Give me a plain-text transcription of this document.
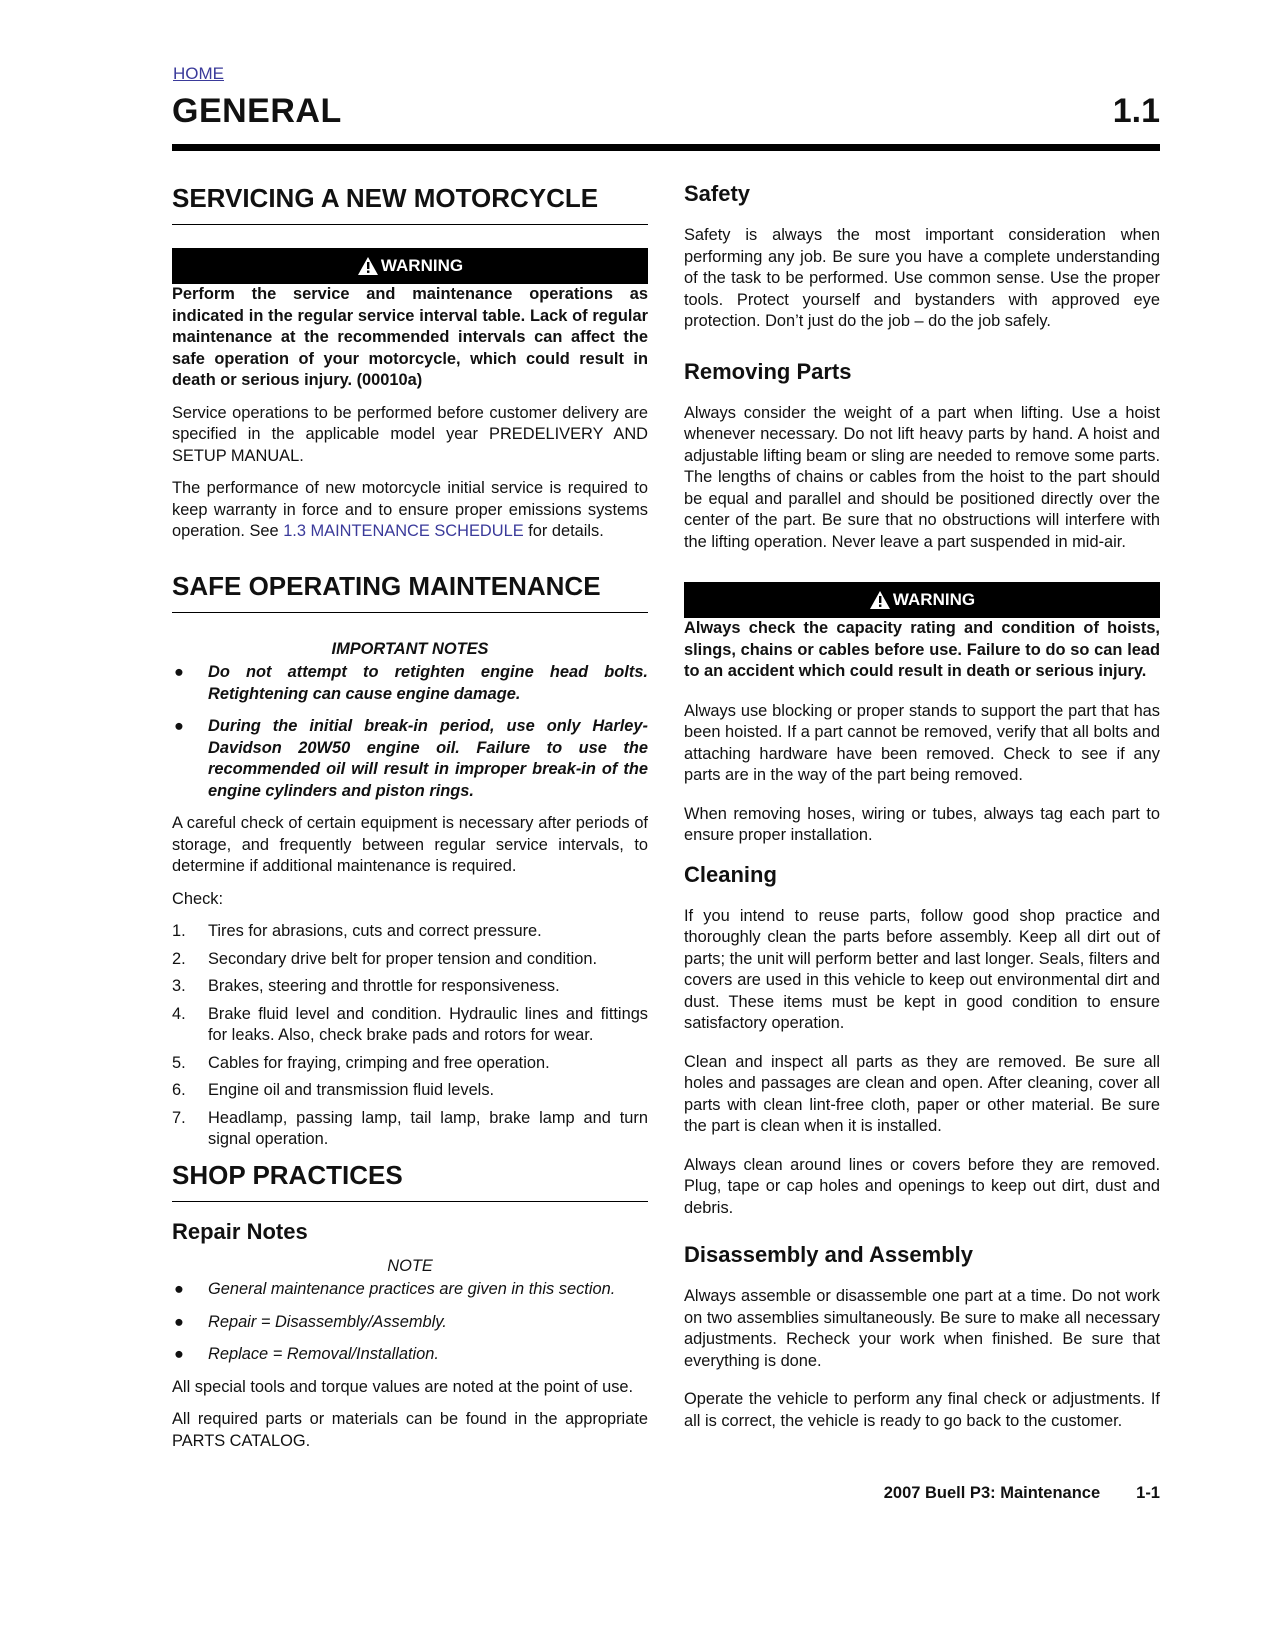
HOME
GENERAL	1.1
SERVICING A NEW MOTORCYCLE
WARNING

Perform the service and maintenance operations as indicated in the regular service interval table. Lack of regular maintenance at the recommended intervals can affect the safe operation of your motorcycle, which could result in death or serious injury. (00010a)

Service operations to be performed before customer delivery are specified in the applicable model year PREDELIVERY AND SETUP MANUAL.

The performance of new motorcycle initial service is required to keep warranty in force and to ensure proper emissions systems operation. See 1.3 MAINTENANCE SCHEDULE for details.

SAFE OPERATING MAINTENANCE
IMPORTANT NOTES
● Do not attempt to retighten engine head bolts. Retightening can cause engine damage.
● During the initial break-in period, use only Harley-Davidson 20W50 engine oil. Failure to use the recommended oil will result in improper break-in of the engine cylinders and piston rings.

A careful check of certain equipment is necessary after periods of storage, and frequently between regular service intervals, to determine if additional maintenance is required.

Check:

1. Tires for abrasions, cuts and correct pressure.
2. Secondary drive belt for proper tension and condition.
3. Brakes, steering and throttle for responsiveness.
4. Brake fluid level and condition. Hydraulic lines and fittings for leaks. Also, check brake pads and rotors for wear.
5. Cables for fraying, crimping and free operation.
6. Engine oil and transmission fluid levels.
7. Headlamp, passing lamp, tail lamp, brake lamp and turn signal operation.
SHOP PRACTICES
Repair Notes
NOTE
● General maintenance practices are given in this section.
● Repair = Disassembly/Assembly.
● Replace = Removal/Installation.

All special tools and torque values are noted at the point of use.

All required parts or materials can be found in the appropriate PARTS CATALOG.

Safety

Safety is always the most important consideration when performing any job. Be sure you have a complete understanding of the task to be performed. Use common sense. Use the proper tools. Protect yourself and bystanders with approved eye protection. Don’t just do the job – do the job safely.

Removing Parts

Always consider the weight of a part when lifting. Use a hoist whenever necessary. Do not lift heavy parts by hand. A hoist and adjustable lifting beam or sling are needed to remove some parts. The lengths of chains or cables from the hoist to the part should be equal and parallel and should be positioned directly over the center of the part. Be sure that no obstructions will interfere with the lifting operation. Never leave a part suspended in mid-air.

WARNING

Always check the capacity rating and condition of hoists, slings, chains or cables before use. Failure to do so can lead to an accident which could result in death or serious injury.

Always use blocking or proper stands to support the part that has been hoisted. If a part cannot be removed, verify that all bolts and attaching hardware have been removed. Check to see if any parts are in the way of the part being removed.

When removing hoses, wiring or tubes, always tag each part to ensure proper installation.

Cleaning

If you intend to reuse parts, follow good shop practice and thoroughly clean the parts before assembly. Keep all dirt out of parts; the unit will perform better and last longer. Seals, filters and covers are used in this vehicle to keep out environmental dirt and dust. These items must be kept in good condition to ensure satisfactory operation.

Clean and inspect all parts as they are removed. Be sure all holes and passages are clean and open. After cleaning, cover all parts with clean lint-free cloth, paper or other material. Be sure the part is clean when it is installed.

Always clean around lines or covers before they are removed. Plug, tape or cap holes and openings to keep out dirt, dust and debris.

Disassembly and Assembly

Always assemble or disassemble one part at a time. Do not work on two assemblies simultaneously. Be sure to make all necessary adjustments. Recheck your work when finished. Be sure that everything is done.

Operate the vehicle to perform any final check or adjustments. If all is correct, the vehicle is ready to go back to the customer.

2007 Buell P3: Maintenance 1-1
